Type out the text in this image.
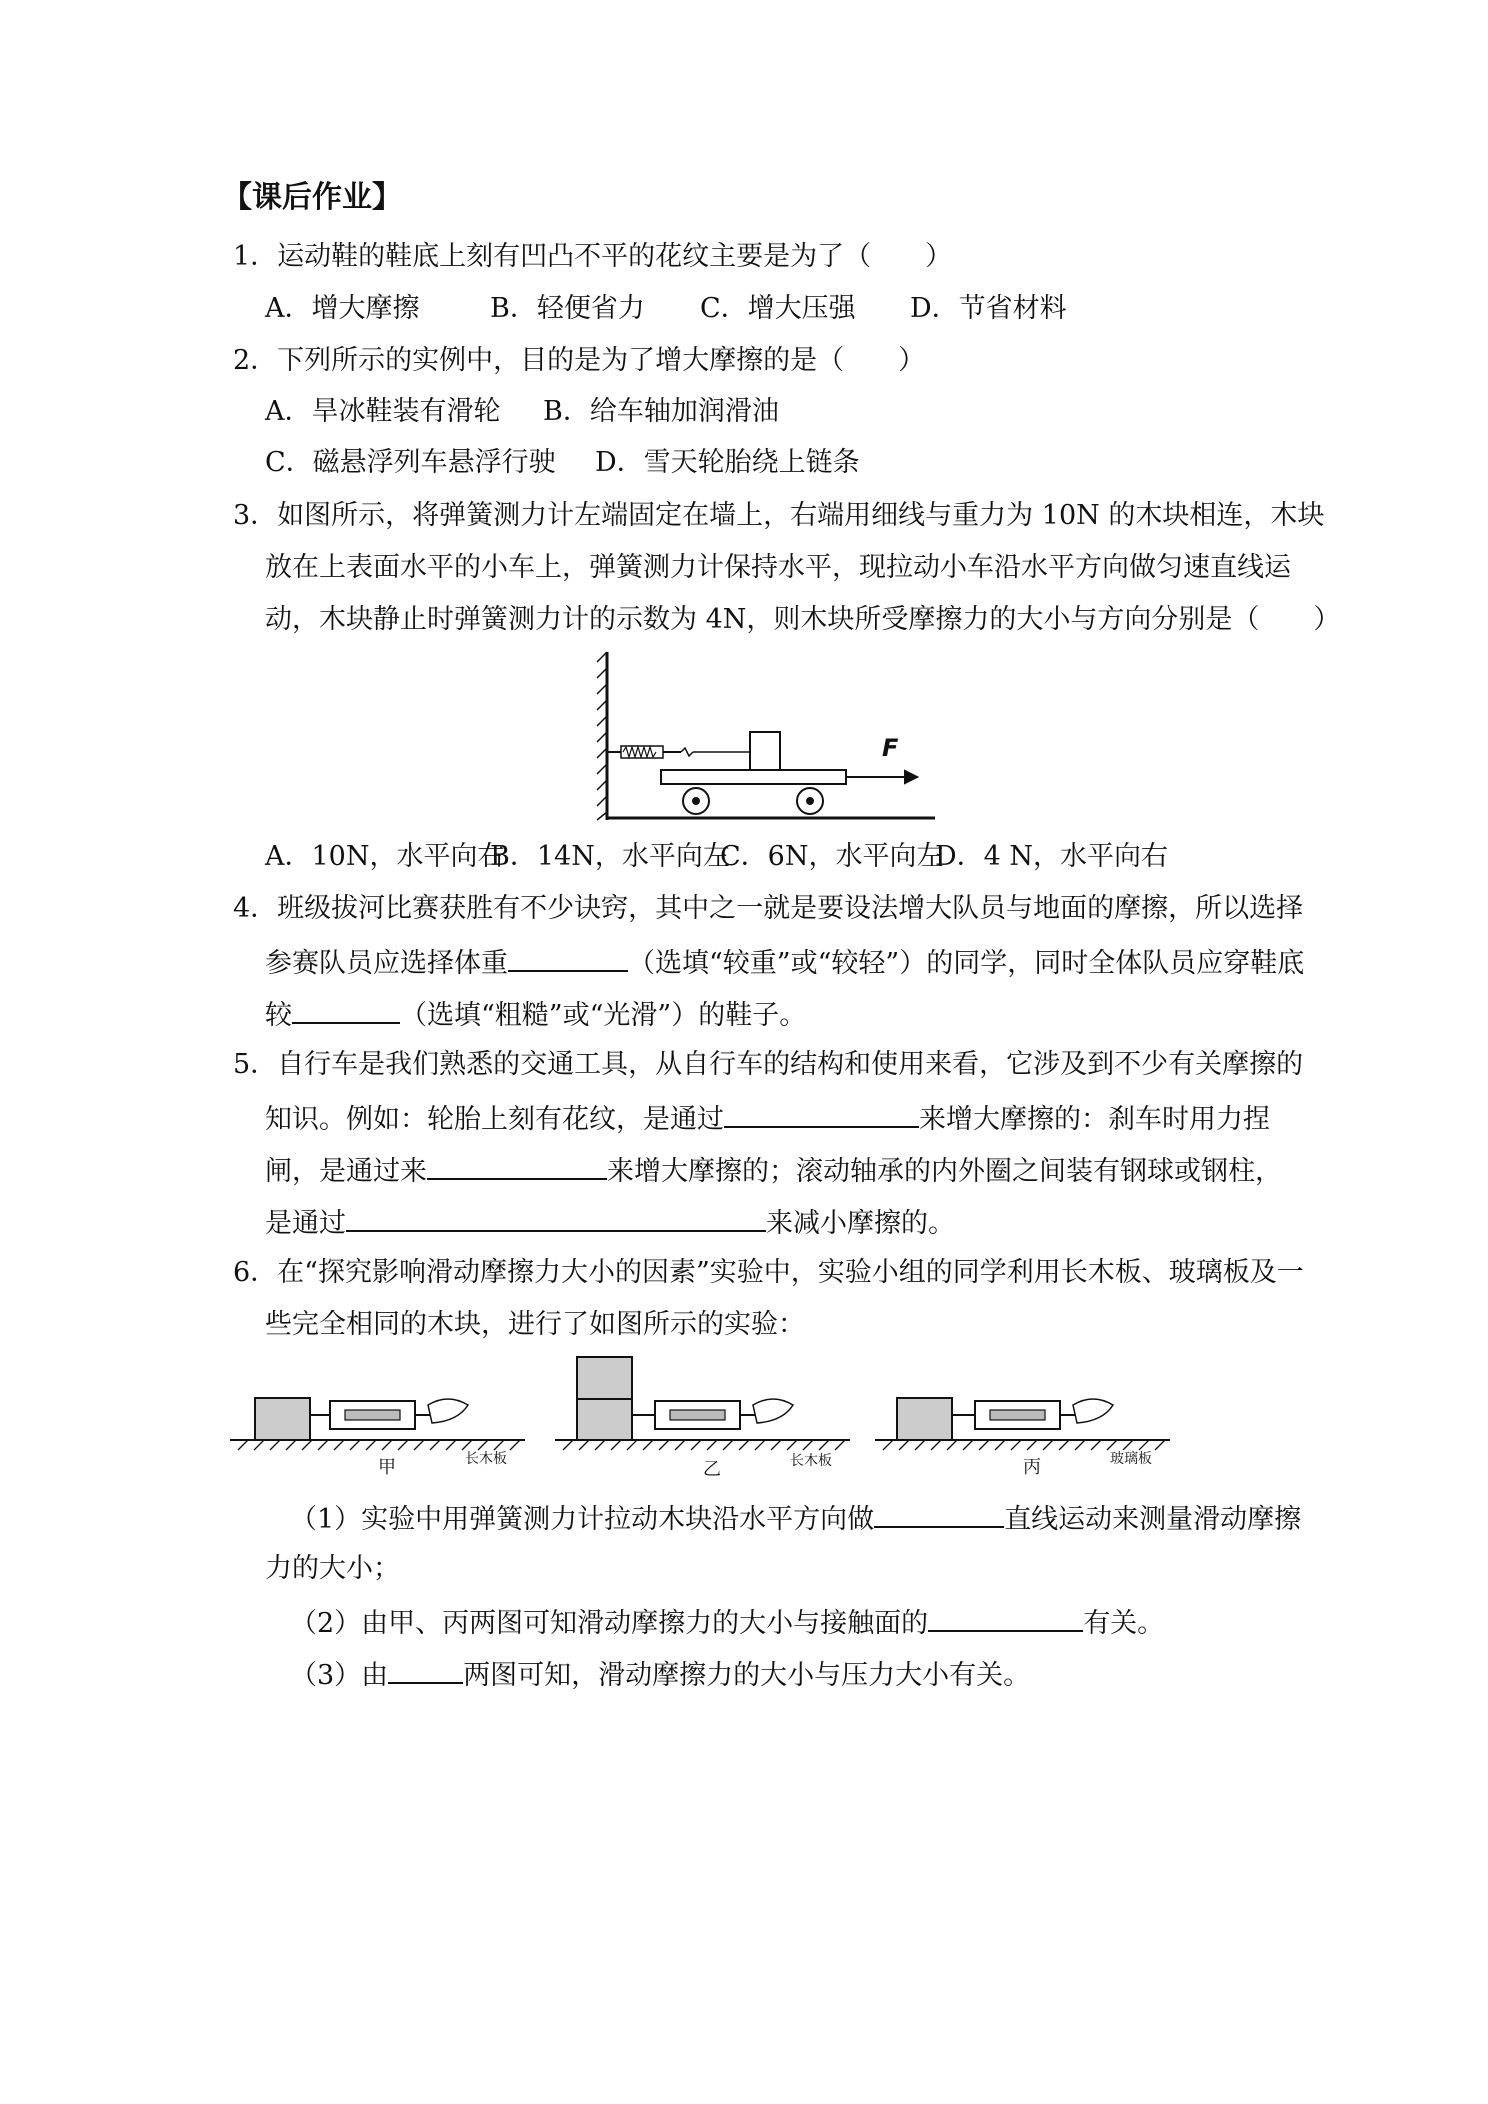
【课后作业】
1．运动鞋的鞋底上刻有凹凸不平的花纹主要是为了（　　）
A．增大摩擦	B．轻便省力 C．增大压强 D．节省材料
2．下列所示的实例中，目的是为了增大摩擦的是（　　）
A．旱冰鞋装有滑轮 B．给车轴加润滑油
C．磁悬浮列车悬浮行驶 D．雪天轮胎绕上链条
3．如图所示，将弹簧测力计左端固定在墙上，右端用细线与重力为 10N 的木块相连，木块
放在上表面水平的小车上，弹簧测力计保持水平，现拉动小车沿水平方向做匀速直线运
动，木块静止时弹簧测力计的示数为 4N，则木块所受摩擦力的大小与方向分别是（　　）
F
A．10N，水平向右
B．14N，水平向左
C．6N，水平向左
D．4 N，水平向右
4．班级拔河比赛获胜有不少诀窍，其中之一就是要设法增大队员与地面的摩擦，所以选择
参赛队员应选择体重	（选填“较重”或“较轻”）的同学，同时全体队员应穿鞋底
较	（选填“粗糙”或“光滑”）的鞋子。
5．自行车是我们熟悉的交通工具，从自行车的结构和使用来看，它涉及到不少有关摩擦的
知识。例如：轮胎上刻有花纹，是通过	来增大摩擦的：刹车时用力捏
闸，是通过来	来增大摩擦的；滚动轴承的内外圈之间装有钢球或钢柱，
是通过	来减小摩擦的。
6．在“探究影响滑动摩擦力大小的因素”实验中，实验小组的同学利用长木板、玻璃板及一
些完全相同的木块，进行了如图所示的实验：
甲	长木板	乙	长木板	丙	玻璃板
（1）实验中用弹簧测力计拉动木块沿水平方向做	直线运动来测量滑动摩擦
力的大小；
（2）由甲、丙两图可知滑动摩擦力的大小与接触面的	有关。
（3）由	两图可知，滑动摩擦力的大小与压力大小有关。
